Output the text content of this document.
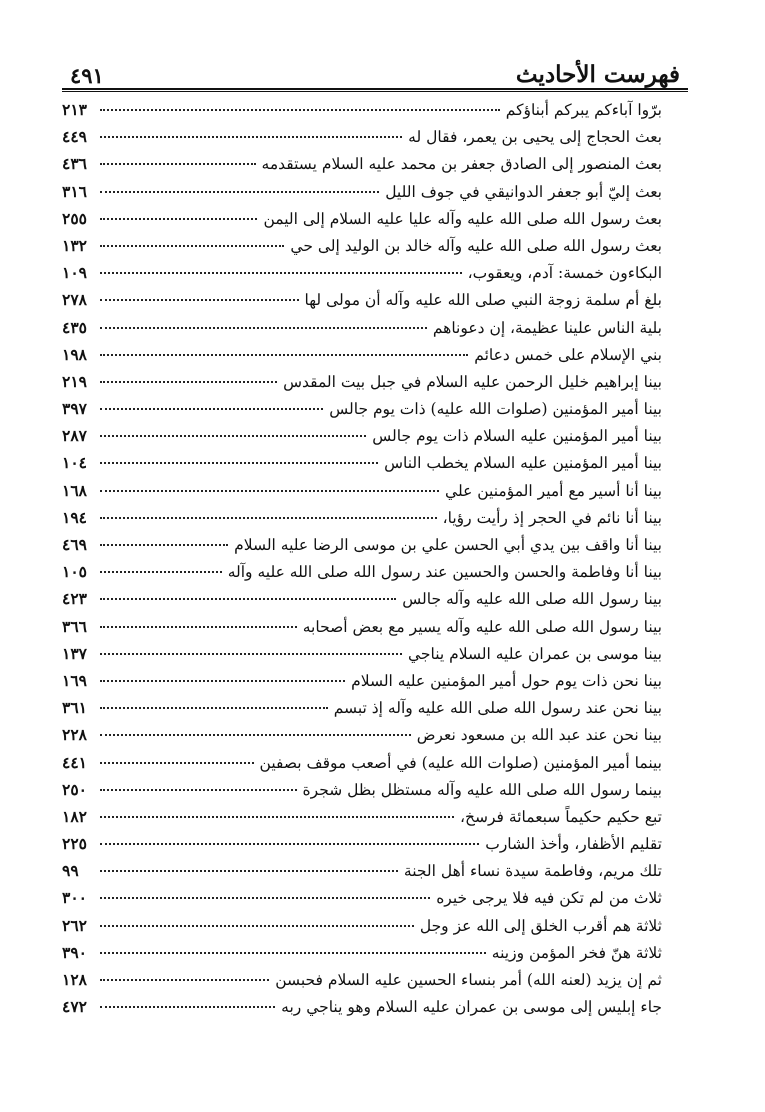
فهرست الأحاديث
٤٩١
برّوا آباءكم يبركم أبناؤكم
٢١٣
بعث الحجاج إلى يحيى بن يعمر، فقال له
٤٤٩
بعث المنصور إلى الصادق جعفر بن محمد عليه السلام يستقدمه
٤٣٦
بعث إليّ أبو جعفر الدوانيقي في جوف الليل
٣١٦
بعث رسول الله صلى الله عليه وآله عليا عليه السلام إلى اليمن
٢٥٥
بعث رسول الله صلى الله عليه وآله خالد بن الوليد إلى حي
١٣٢
البكاءون خمسة: آدم، ويعقوب،
١٠٩
بلغ أم سلمة زوجة النبي صلى الله عليه وآله أن مولى لها
٢٧٨
بلية الناس علينا عظيمة، إن دعوناهم
٤٣٥
بني الإسلام على خمس دعائم
١٩٨
بينا إبراهيم خليل الرحمن عليه السلام في جبل بيت المقدس
٢١٩
بينا أمير المؤمنين (صلوات الله عليه) ذات يوم جالس
٣٩٧
بينا أمير المؤمنين عليه السلام ذات يوم جالس
٢٨٧
بينا أمير المؤمنين عليه السلام يخطب الناس
١٠٤
بينا أنا أسير مع أمير المؤمنين علي
١٦٨
بينا أنا نائم في الحجر إذ رأيت رؤيا،
١٩٤
بينا أنا واقف بين يدي أبي الحسن علي بن موسى الرضا عليه السلام
٤٦٩
بينا أنا وفاطمة والحسن والحسين عند رسول الله صلى الله عليه وآله
١٠٥
بينا رسول الله صلى الله عليه وآله جالس
٤٢٣
بينا رسول الله صلى الله عليه وآله يسير مع بعض أصحابه
٣٦٦
بينا موسى بن عمران عليه السلام يناجي
١٣٧
بينا نحن ذات يوم حول أمير المؤمنين عليه السلام
١٦٩
بينا نحن عند رسول الله صلى الله عليه وآله إذ تبسم
٣٦١
بينا نحن عند عبد الله بن مسعود نعرض
٢٢٨
بينما أمير المؤمنين (صلوات الله عليه) في أصعب موقف بصفين
٤٤١
بينما رسول الله صلى الله عليه وآله مستظل بظل شجرة
٢٥٠
تبع حكيم حكيماً سبعمائة فرسخ،
١٨٢
تقليم الأظفار، وأخذ الشارب
٢٢٥
تلك مريم، وفاطمة سيدة نساء أهل الجنة
٩٩
ثلاث من لم تكن فيه فلا يرجى خيره
٣٠٠
ثلاثة هم أقرب الخلق إلى الله عز وجل
٢٦٢
ثلاثة هنّ فخر المؤمن وزينه
٣٩٠
ثم إن يزيد (لعنه الله) أمر بنساء الحسين عليه السلام فحبسن
١٢٨
جاء إبليس إلى موسى بن عمران عليه السلام وهو يناجي ربه
٤٧٢
